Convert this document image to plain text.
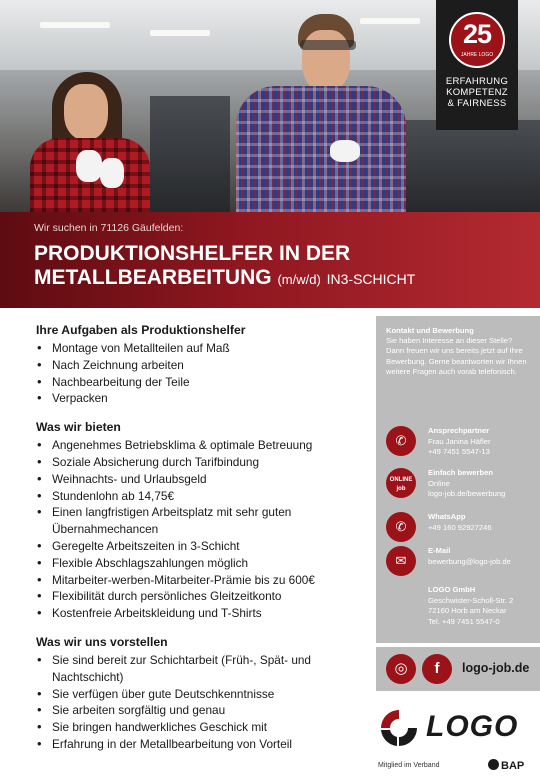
25
JAHRE LOGO
ERFAHRUNG
KOMPETENZ
& FAIRNESS
Wir suchen in 71126 Gäufelden:
PRODUKTIONSHELFER IN DER
METALLBEARBEITUNG (m/w/d) IN3-SCHICHT
Ihre Aufgaben als Produktionshelfer
• Montage von Metallteilen auf Maß
• Nach Zeichnung arbeiten
• Nachbearbeitung der Teile
• Verpacken
Was wir bieten
• Angenehmes Betriebsklima & optimale Betreuung
• Soziale Absicherung durch Tarifbindung
• Weihnachts- und Urlaubsgeld
• Stundenlohn ab 14,75€
• Einen langfristigen Arbeitsplatz mit sehr guten Übernahmechancen
• Geregelte Arbeitszeiten in 3-Schicht
• Flexible Abschlagszahlungen möglich
• Mitarbeiter-werben-Mitarbeiter-Prämie bis zu 600€
• Flexibilität durch persönliches Gleitzeitkonto
• Kostenfreie Arbeitskleidung und T-Shirts
Was wir uns vorstellen
• Sie sind bereit zur Schichtarbeit (Früh-, Spät- und Nachtschicht)
• Sie verfügen über gute Deutschkenntnisse
• Sie arbeiten sorgfältig und genau
• Sie bringen handwerkliches Geschick mit
• Erfahrung in der Metallbearbeitung von Vorteil
Kontakt und Bewerbung
Sie haben Interesse an dieser Stelle? Dann freuen wir uns bereits jetzt auf Ihre Bewerbung. Gerne beantworten wir Ihnen weitere Fragen auch vorab telefonisch.
✆
Ansprechpartner
Frau Janina Häfler
+49 7451 5547-13
ONLINE
job
Einfach bewerben
Online
logo-job.de/bewerbung
✆
WhatsApp
+49 160 92927246
✉
E-Mail
bewerbung@logo-job.de
LOGO GmbH
Geschwister-Scholl-Str. 2
72160 Horb am Neckar
Tel. +49 7451 5547-0
◎	f	logo-job.de
LOGO
Mitglied im Verband	BAP
